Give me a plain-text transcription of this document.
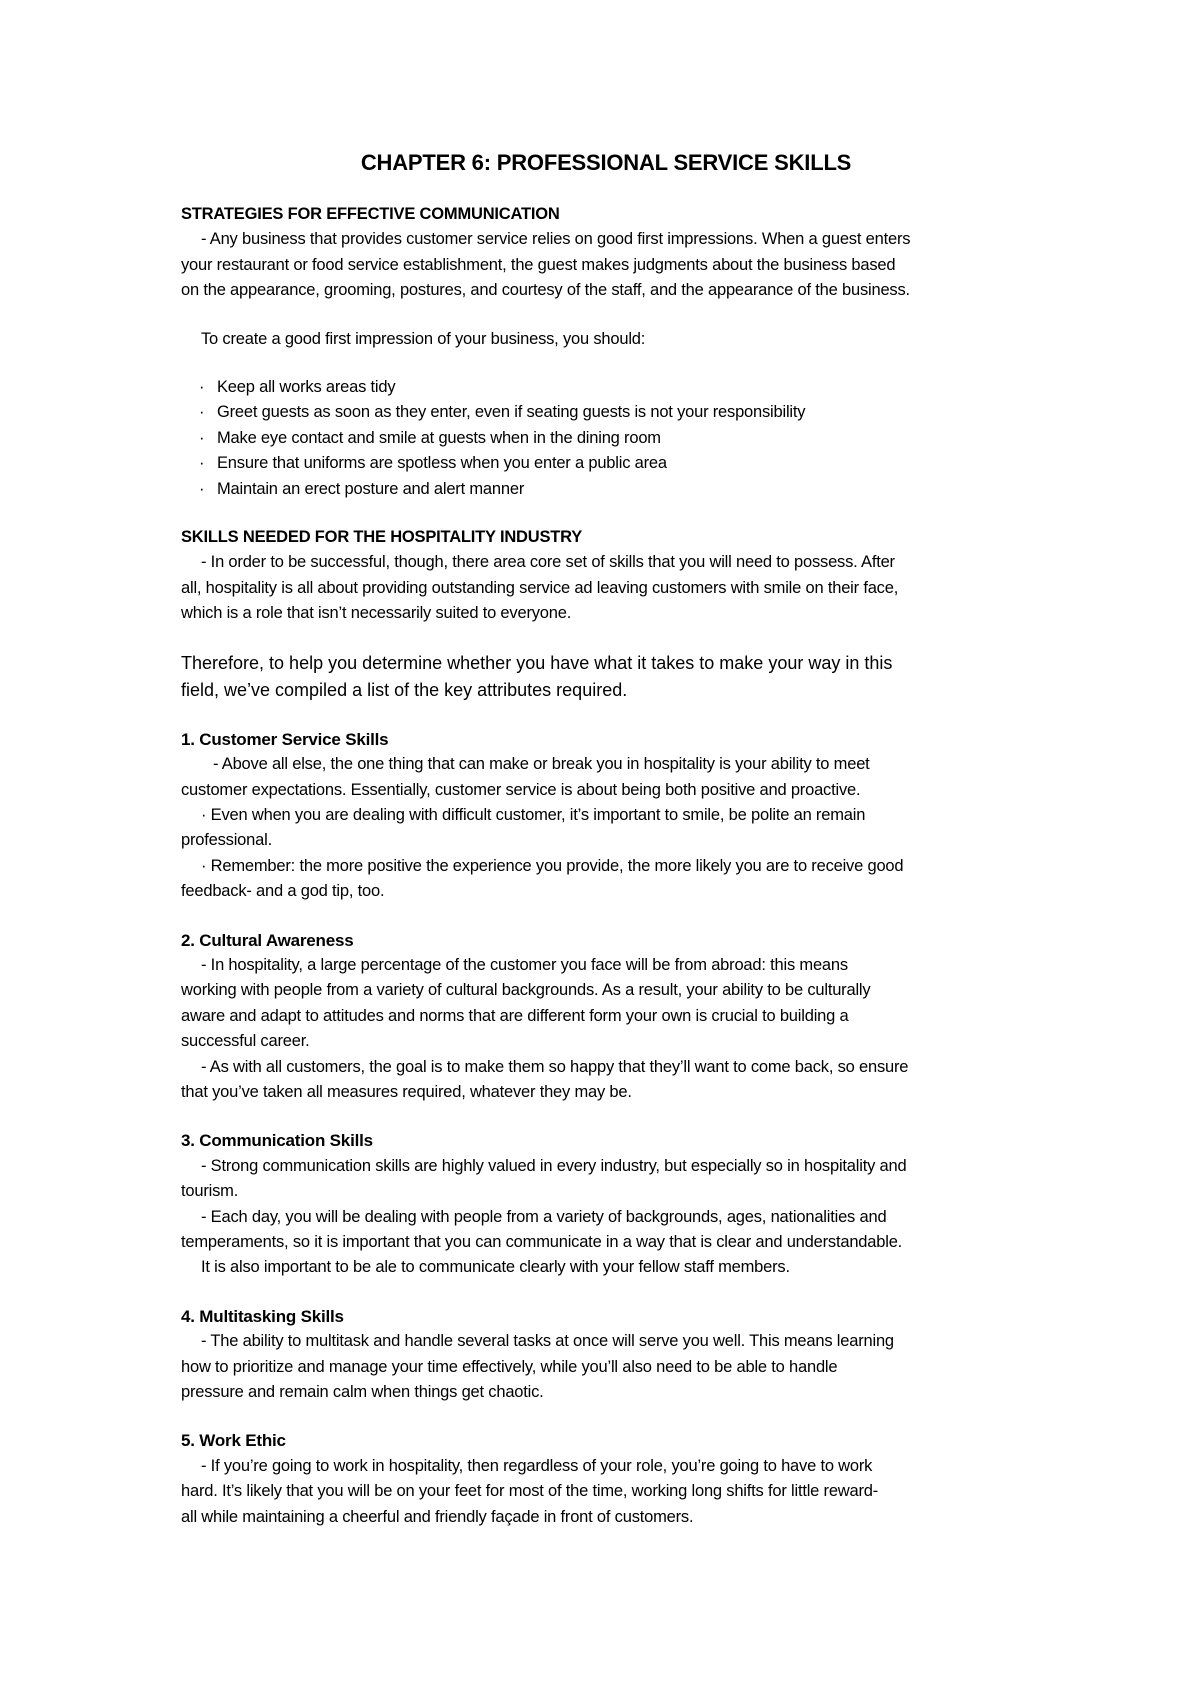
CHAPTER 6: PROFESSIONAL SERVICE SKILLS

STRATEGIES FOR EFFECTIVE COMMUNICATION

- Any business that provides customer service relies on good first impressions. When a guest enters

your restaurant or food service establishment, the guest makes judgments about the business based

on the appearance, grooming, postures, and courtesy of the staff, and the appearance of the business.

To create a good first impression of your business, you should:

· Keep all works areas tidy
· Greet guests as soon as they enter, even if seating guests is not your responsibility
· Make eye contact and smile at guests when in the dining room
· Ensure that uniforms are spotless when you enter a public area
· Maintain an erect posture and alert manner

SKILLS NEEDED FOR THE HOSPITALITY INDUSTRY

- In order to be successful, though, there area core set of skills that you will need to possess. After

all, hospitality is all about providing outstanding service ad leaving customers with smile on their face,

which is a role that isn’t necessarily suited to everyone.

Therefore, to help you determine whether you have what it takes to make your way in this

field, we’ve compiled a list of the key attributes required.

1. Customer Service Skills

- Above all else, the one thing that can make or break you in hospitality is your ability to meet

customer expectations. Essentially, customer service is about being both positive and proactive.

· Even when you are dealing with difficult customer, it’s important to smile, be polite an remain

professional.

· Remember: the more positive the experience you provide, the more likely you are to receive good

feedback- and a god tip, too.

2. Cultural Awareness

- In hospitality, a large percentage of the customer you face will be from abroad: this means

working with people from a variety of cultural backgrounds. As a result, your ability to be culturally

aware and adapt to attitudes and norms that are different form your own is crucial to building a

successful career.

- As with all customers, the goal is to make them so happy that they’ll want to come back, so ensure

that you’ve taken all measures required, whatever they may be.

3. Communication Skills

- Strong communication skills are highly valued in every industry, but especially so in hospitality and

tourism.

- Each day, you will be dealing with people from a variety of backgrounds, ages, nationalities and

temperaments, so it is important that you can communicate in a way that is clear and understandable.

It is also important to be ale to communicate clearly with your fellow staff members.

4. Multitasking Skills

- The ability to multitask and handle several tasks at once will serve you well. This means learning

how to prioritize and manage your time effectively, while you’ll also need to be able to handle

pressure and remain calm when things get chaotic.

5. Work Ethic

- If you’re going to work in hospitality, then regardless of your role, you’re going to have to work

hard. It’s likely that you will be on your feet for most of the time, working long shifts for little reward-

all while maintaining a cheerful and friendly façade in front of customers.
